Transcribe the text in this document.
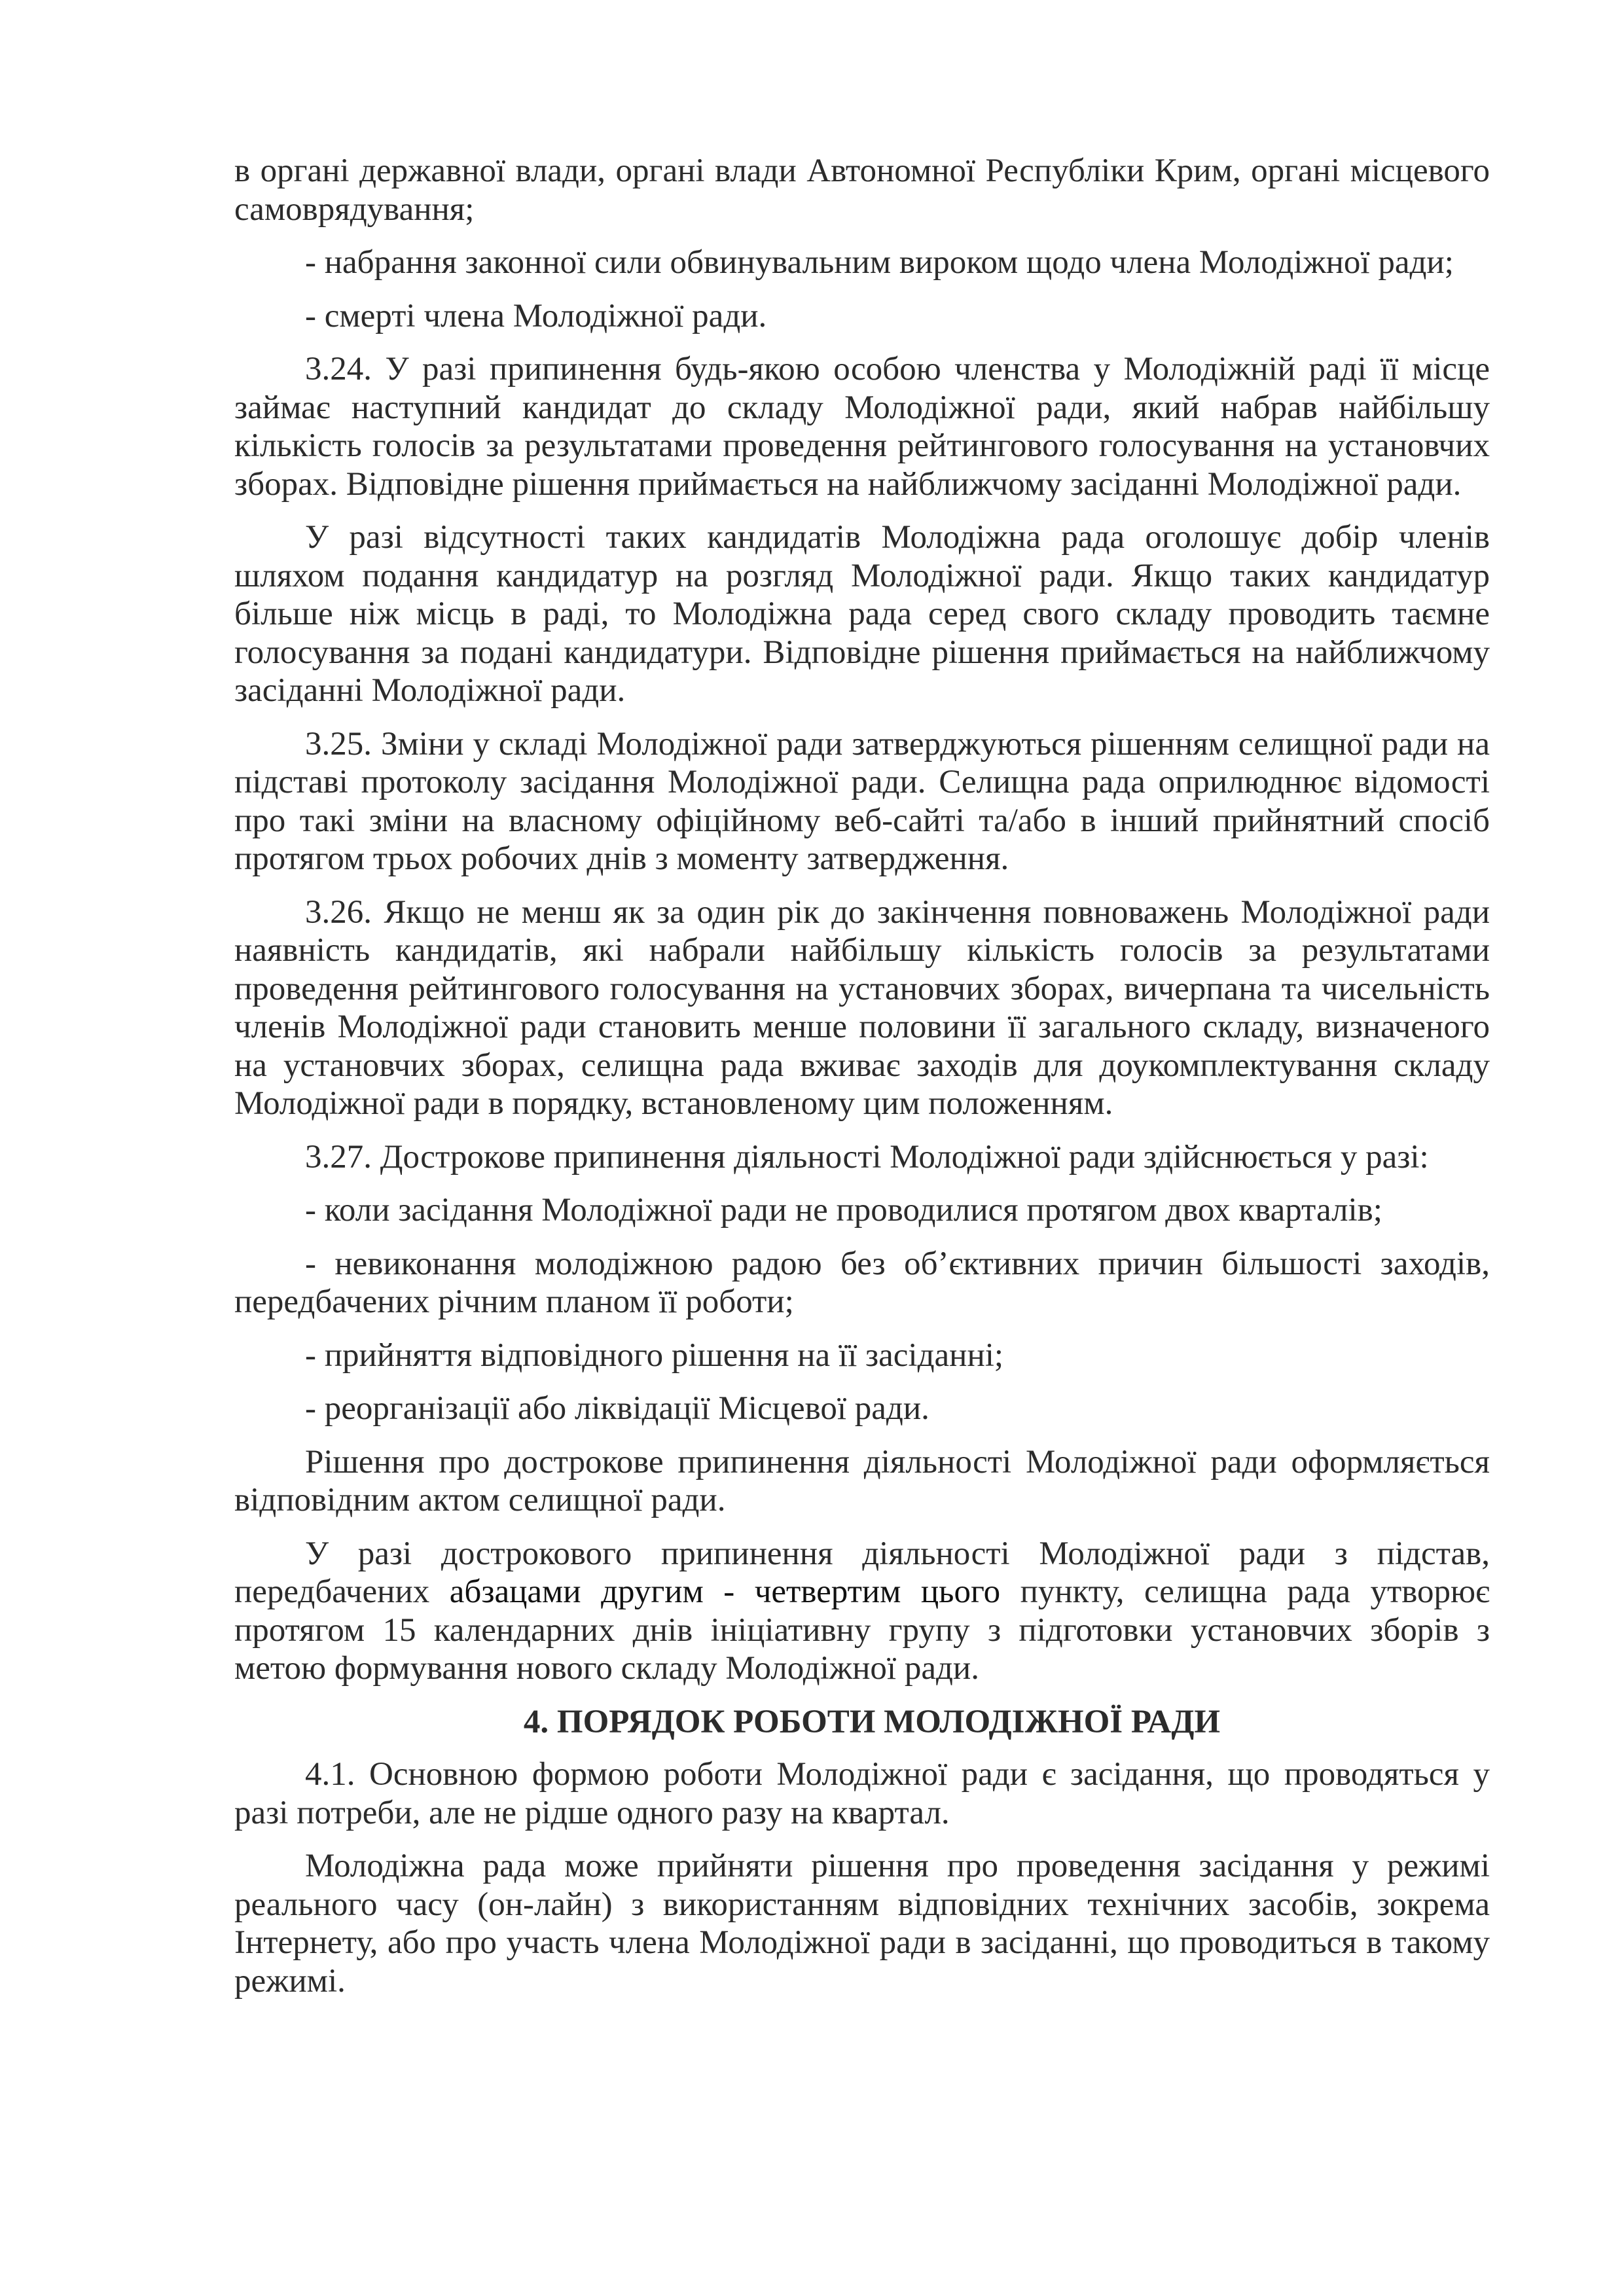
в органі державної влади, органі влади Автономної Республіки Крим, органі місцевого самоврядування;

- набрання законної сили обвинувальним вироком щодо члена Молодіжної ради;

- смерті члена Молодіжної ради.

3.24. У разі припинення будь-якою особою членства у Молодіжній раді її місце займає наступний кандидат до складу Молодіжної ради, який набрав найбільшу кількість голосів за результатами проведення рейтингового голосування на установчих зборах. Відповідне рішення приймається на найближчому засіданні Молодіжної ради.

У разі відсутності таких кандидатів Молодіжна рада оголошує добір членів шляхом подання кандидатур на розгляд Молодіжної ради. Якщо таких кандидатур більше ніж місць в раді, то Молодіжна рада серед свого складу проводить таємне голосування за подані кандидатури. Відповідне рішення приймається на найближчому засіданні Молодіжної ради.

3.25. Зміни у складі Молодіжної ради затверджуються рішенням селищної ради на підставі протоколу засідання Молодіжної ради. Селищна рада оприлюднює відомості про такі зміни на власному офіційному веб-сайті та/або в інший прийнятний спосіб протягом трьох робочих днів з моменту затвердження.

3.26. Якщо не менш як за один рік до закінчення повноважень Молодіжної ради наявність кандидатів, які набрали найбільшу кількість голосів за результатами проведення рейтингового голосування на установчих зборах, вичерпана та чисельність членів Молодіжної ради становить менше половини її загального складу, визначеного на установчих зборах, селищна рада вживає заходів для доукомплектування складу Молодіжної ради в порядку, встановленому цим положенням.

3.27. Дострокове припинення діяльності Молодіжної ради здійснюється у разі:

- коли засідання Молодіжної ради не проводилися протягом двох кварталів;

- невиконання молодіжною радою без об’єктивних причин більшості заходів, передбачених річним планом її роботи;

- прийняття відповідного рішення на її засіданні;

- реорганізації або ліквідації Місцевої ради.

Рішення про дострокове припинення діяльності Молодіжної ради оформляється відповідним актом селищної ради.

У разі дострокового припинення діяльності Молодіжної ради з підстав, передбачених абзацами другим - четвертим цього пункту, селищна рада утворює протягом 15 календарних днів ініціативну групу з підготовки установчих зборів з метою формування нового складу Молодіжної ради.

4. ПОРЯДОК РОБОТИ МОЛОДІЖНОЇ РАДИ

4.1. Основною формою роботи Молодіжної ради є засідання, що проводяться у разі потреби, але не рідше одного разу на квартал.

Молодіжна рада може прийняти рішення про проведення засідання у режимі реального часу (он-лайн) з використанням відповідних технічних засобів, зокрема Інтернету, або про участь члена Молодіжної ради в засіданні, що проводиться в такому режимі.
